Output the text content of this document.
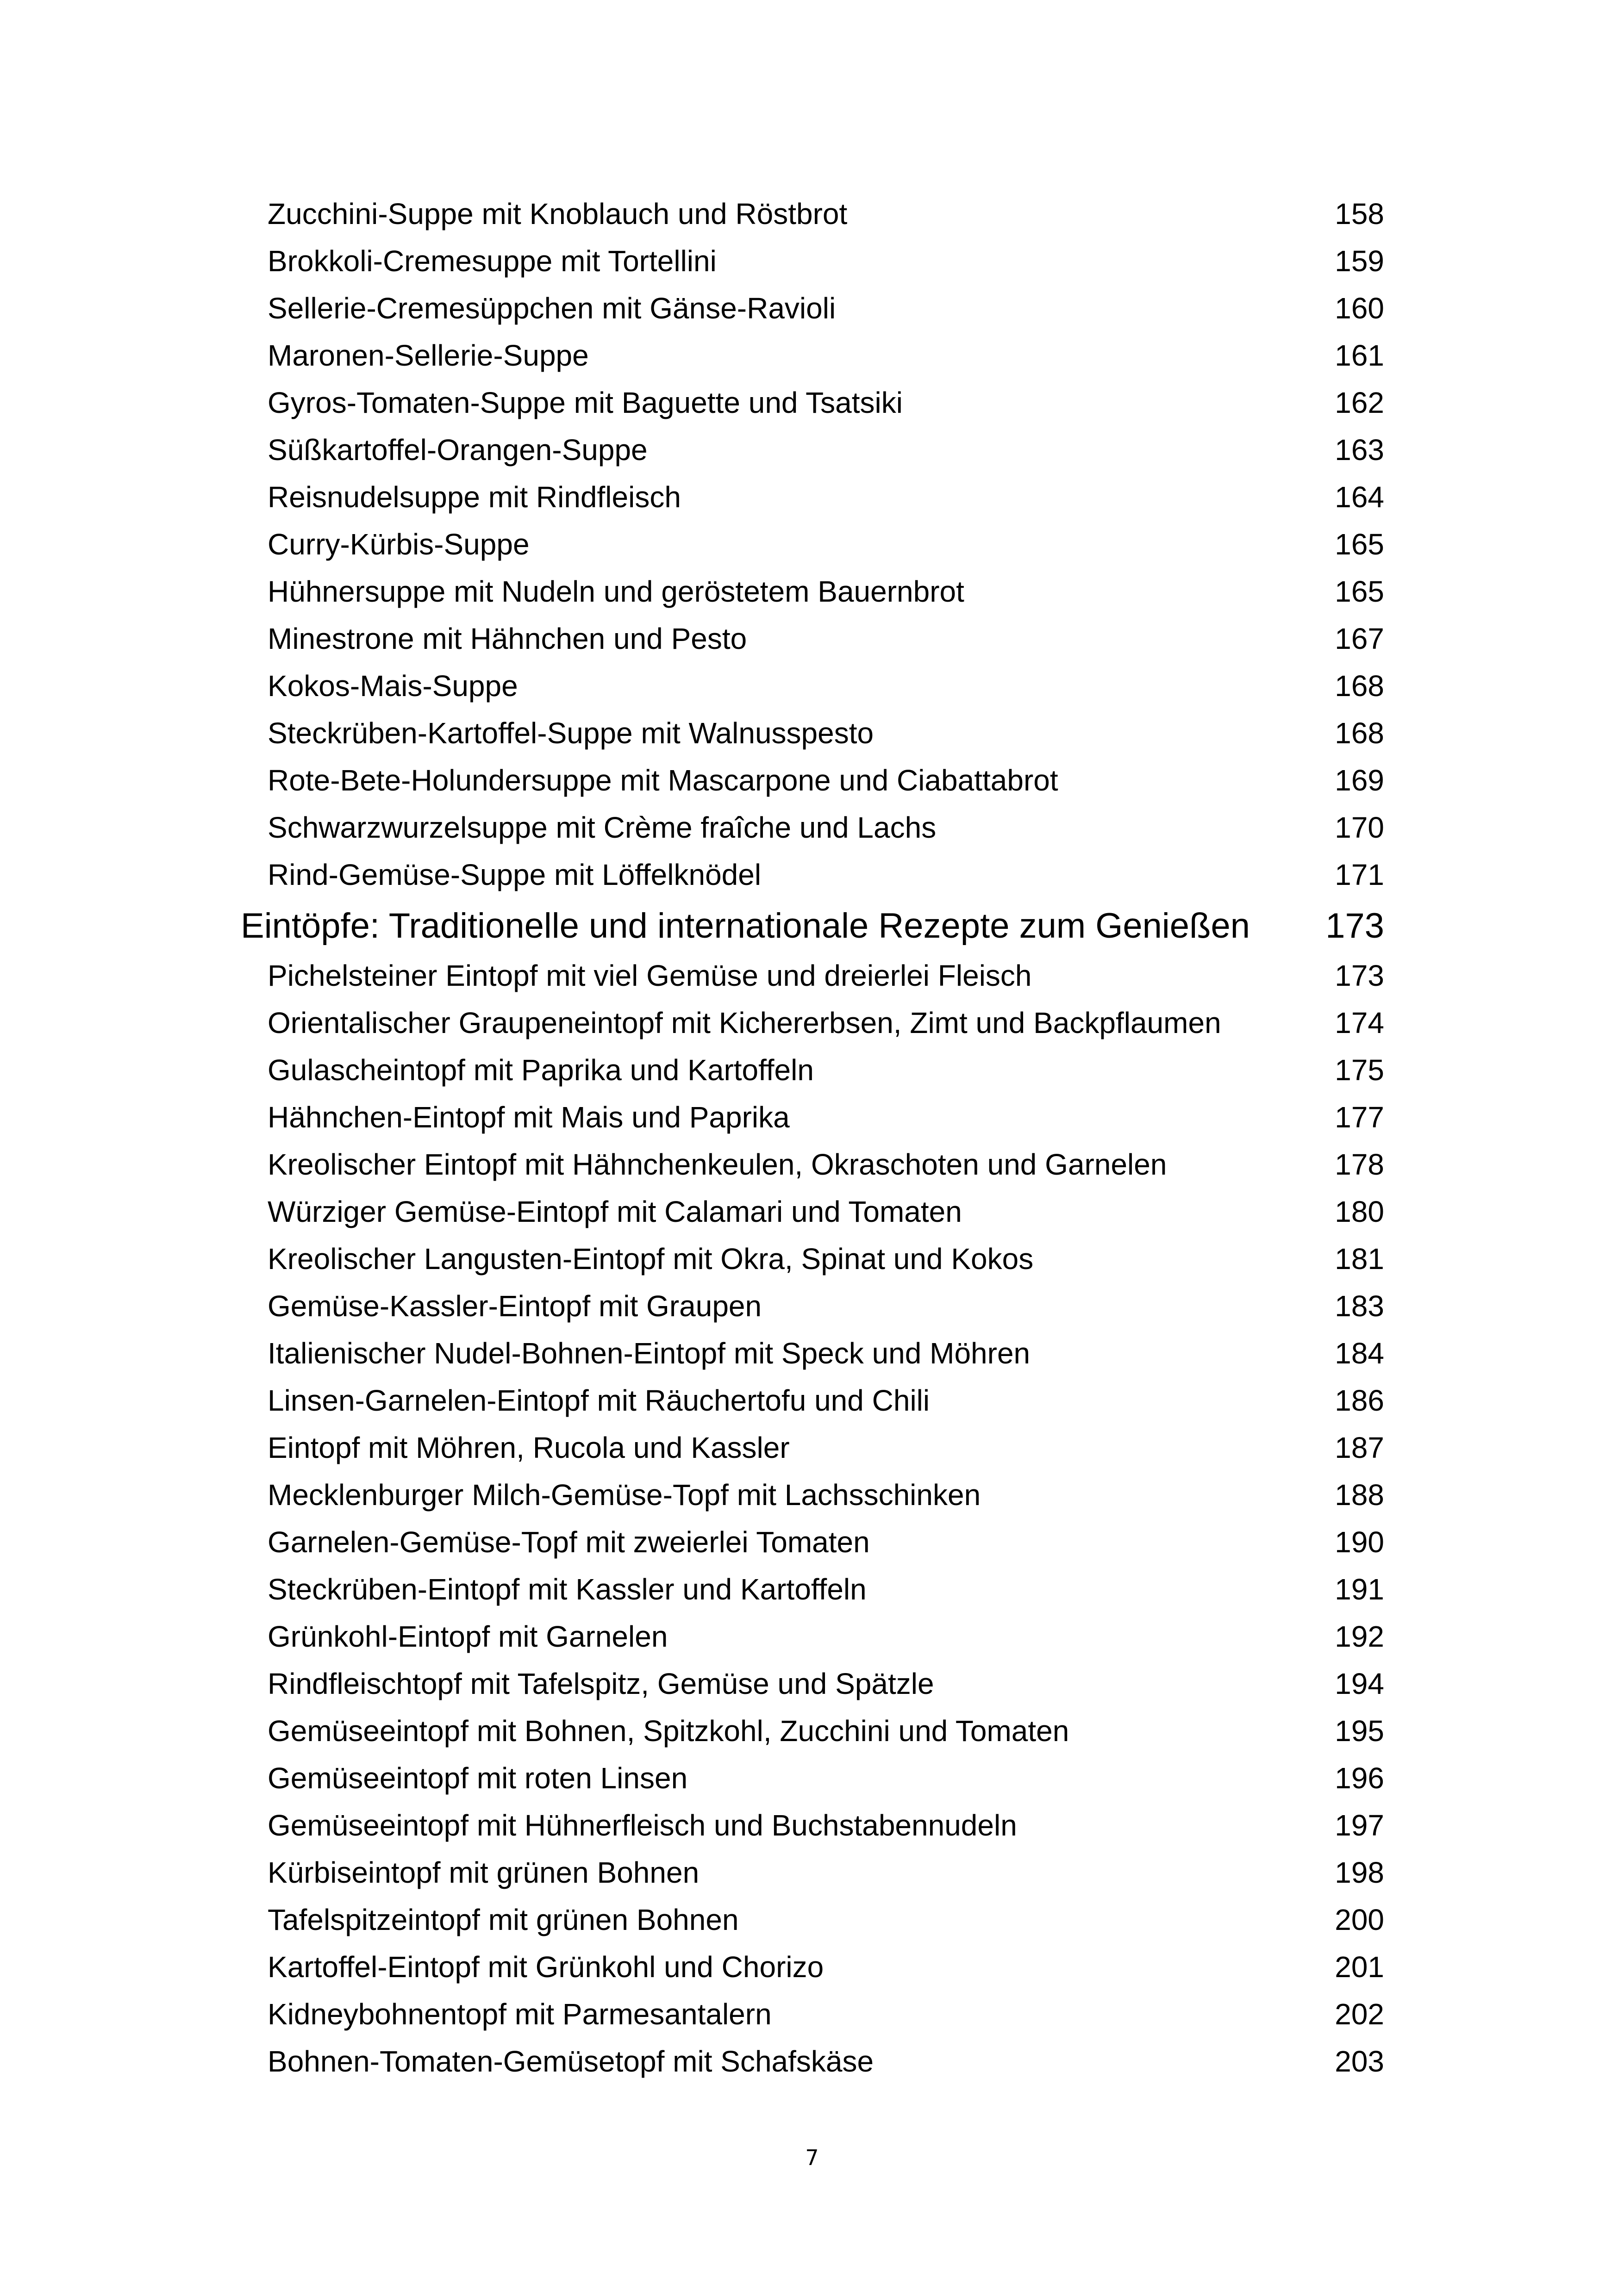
Zucchini-Suppe mit Knoblauch und Röstbrot	158
Brokkoli-Cremesuppe mit Tortellini	159
Sellerie-Cremesüppchen mit Gänse-Ravioli	160
Maronen-Sellerie-Suppe	161
Gyros-Tomaten-Suppe mit Baguette und Tsatsiki	162
Süßkartoffel-Orangen-Suppe	163
Reisnudelsuppe mit Rindfleisch	164
Curry-Kürbis-Suppe	165
Hühnersuppe mit Nudeln und geröstetem Bauernbrot	165
Minestrone mit Hähnchen und Pesto	167
Kokos-Mais-Suppe	168
Steckrüben-Kartoffel-Suppe mit Walnusspesto	168
Rote-Bete-Holundersuppe mit Mascarpone und Ciabattabrot	169
Schwarzwurzelsuppe mit Crème fraîche und Lachs	170
Rind-Gemüse-Suppe mit Löffelknödel	171
Eintöpfe: Traditionelle und internationale Rezepte zum Genießen 173
Pichelsteiner Eintopf mit viel Gemüse und dreierlei Fleisch	173
Orientalischer Graupeneintopf mit Kichererbsen, Zimt und Backpflaumen	174
Gulascheintopf mit Paprika und Kartoffeln	175
Hähnchen-Eintopf mit Mais und Paprika	177
Kreolischer Eintopf mit Hähnchenkeulen, Okraschoten und Garnelen	178
Würziger Gemüse-Eintopf mit Calamari und Tomaten	180
Kreolischer Langusten-Eintopf mit Okra, Spinat und Kokos	181
Gemüse-Kassler-Eintopf mit Graupen	183
Italienischer Nudel-Bohnen-Eintopf mit Speck und Möhren	184
Linsen-Garnelen-Eintopf mit Räuchertofu und Chili	186
Eintopf mit Möhren, Rucola und Kassler	187
Mecklenburger Milch-Gemüse-Topf mit Lachsschinken	188
Garnelen-Gemüse-Topf mit zweierlei Tomaten	190
Steckrüben-Eintopf mit Kassler und Kartoffeln	191
Grünkohl-Eintopf mit Garnelen	192
Rindfleischtopf mit Tafelspitz, Gemüse und Spätzle	194
Gemüseeintopf mit Bohnen, Spitzkohl, Zucchini und Tomaten	195
Gemüseeintopf mit roten Linsen	196
Gemüseeintopf mit Hühnerfleisch und Buchstabennudeln	197
Kürbiseintopf mit grünen Bohnen	198
Tafelspitzeintopf mit grünen Bohnen	200
Kartoffel-Eintopf mit Grünkohl und Chorizo	201
Kidneybohnentopf mit Parmesantalern	202
Bohnen-Tomaten-Gemüsetopf mit Schafskäse	203
7
